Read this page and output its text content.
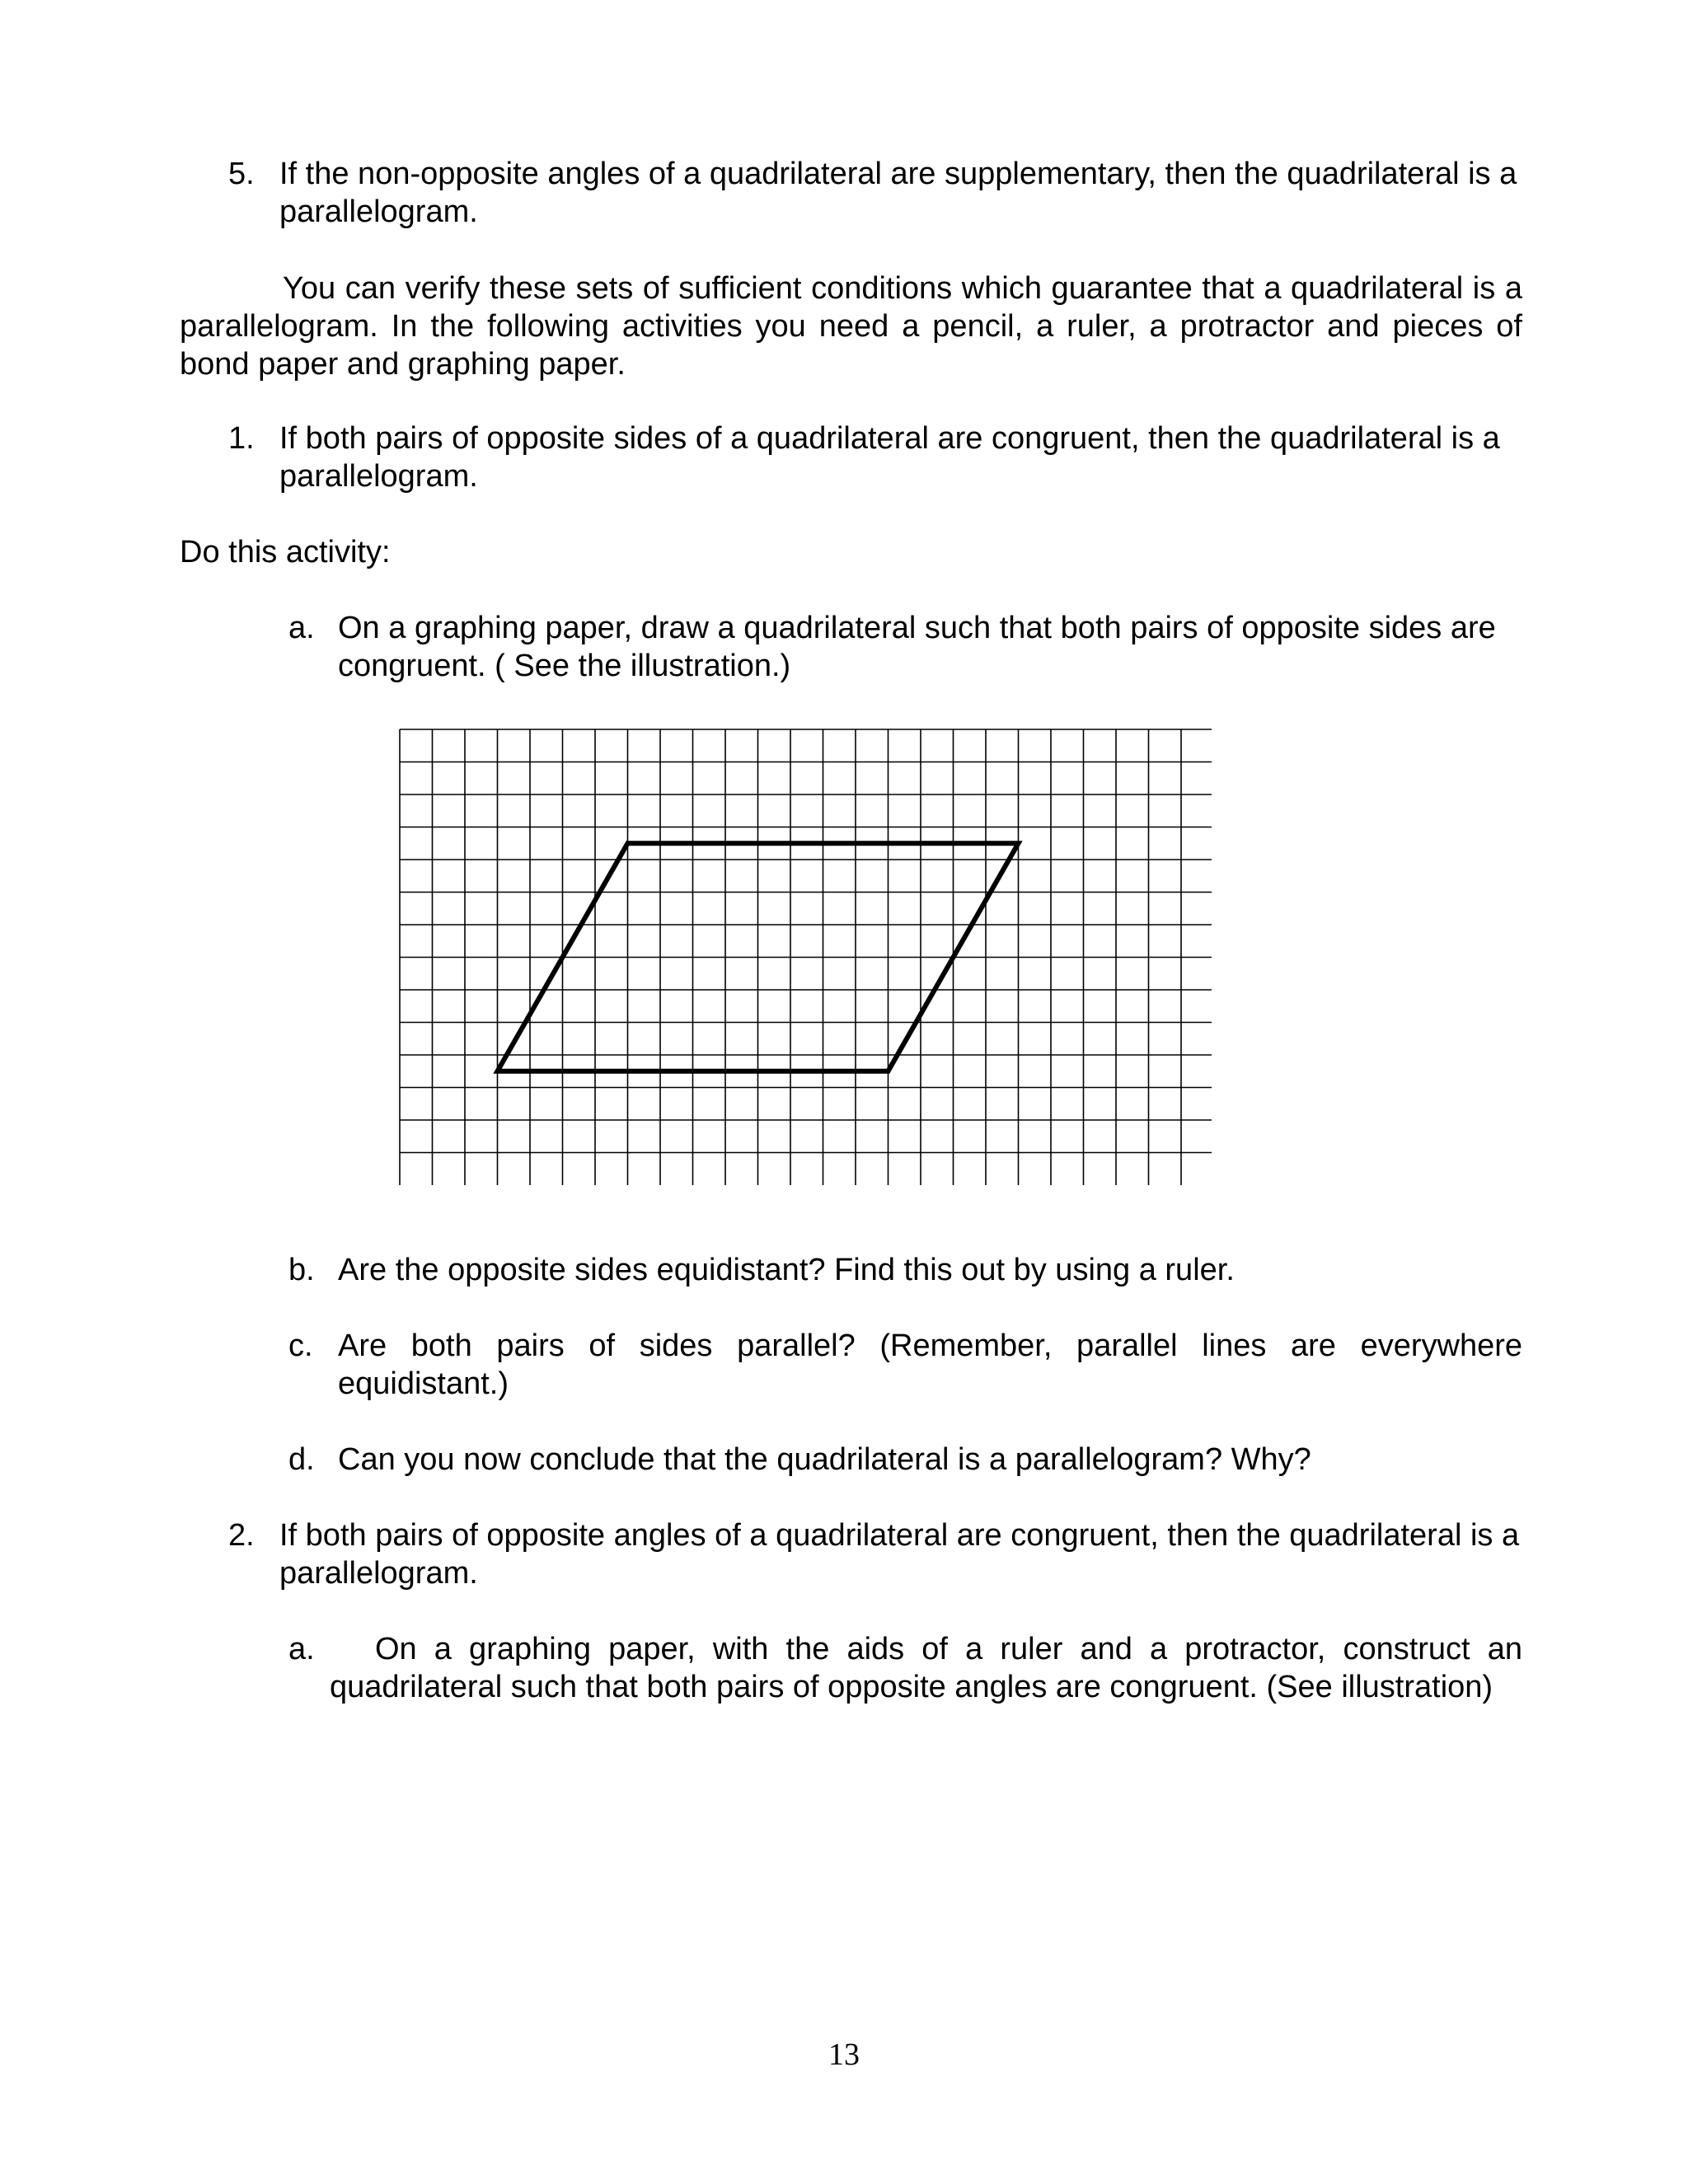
5. If the non-opposite angles of a quadrilateral are supplementary, then the quadrilateral is a parallelogram.

You can verify these sets of sufficient conditions which guarantee that a quadrilateral is a parallelogram. In the following activities you need a pencil, a ruler, a protractor and pieces of bond paper and graphing paper.

1. If both pairs of opposite sides of a quadrilateral are congruent, then the quadrilateral is a parallelogram.

Do this activity:

a. On a graphing paper, draw a quadrilateral such that both pairs of opposite sides are congruent. ( See the illustration.)
b. Are the opposite sides equidistant? Find this out by using a ruler.
c. Are both pairs of sides parallel? (Remember, parallel lines are everywhere equidistant.)
d. Can you now conclude that the quadrilateral is a parallelogram? Why?
2. If both pairs of opposite angles of a quadrilateral are congruent, then the quadrilateral is a parallelogram.
a.	On a graphing paper, with the aids of a ruler and a protractor, construct an quadrilateral such that both pairs of opposite angles are congruent. (See illustration)
13
